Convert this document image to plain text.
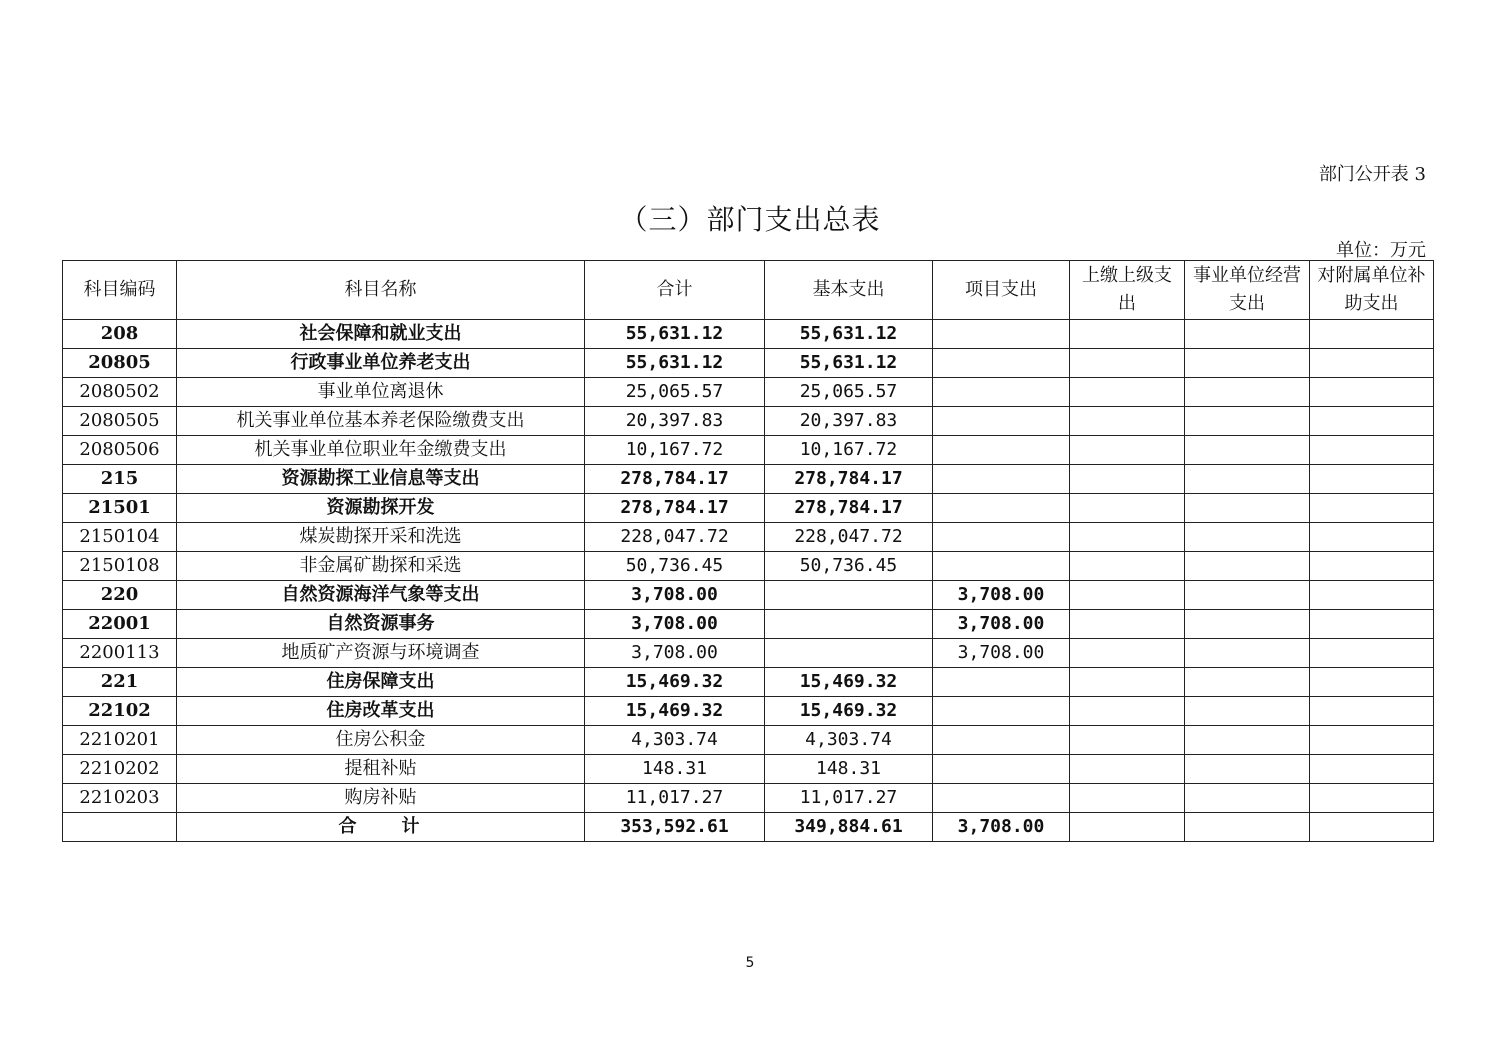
部门公开表 3
（三）部门支出总表
单位：万元
科目编码	科目名称	合计	基本支出	项目支出	上缴上级支出	事业单位经营支出	对附属单位补助支出
208	社会保障和就业支出	55,631.12	55,631.12				
20805	行政事业单位养老支出	55,631.12	55,631.12				
2080502	事业单位离退休	25,065.57	25,065.57				
2080505	机关事业单位基本养老保险缴费支出	20,397.83	20,397.83				
2080506	机关事业单位职业年金缴费支出	10,167.72	10,167.72				
215	资源勘探工业信息等支出	278,784.17	278,784.17				
21501	资源勘探开发	278,784.17	278,784.17				
2150104	煤炭勘探开采和洗选	228,047.72	228,047.72				
2150108	非金属矿勘探和采选	50,736.45	50,736.45				
220	自然资源海洋气象等支出	3,708.00		3,708.00			
22001	自然资源事务	3,708.00		3,708.00			
2200113	地质矿产资源与环境调查	3,708.00		3,708.00			
221	住房保障支出	15,469.32	15,469.32				
22102	住房改革支出	15,469.32	15,469.32				
2210201	住房公积金	4,303.74	4,303.74				
2210202	提租补贴	148.31	148.31				
2210203	购房补贴	11,017.27	11,017.27				
	合　　计	353,592.61	349,884.61	3,708.00			
5
